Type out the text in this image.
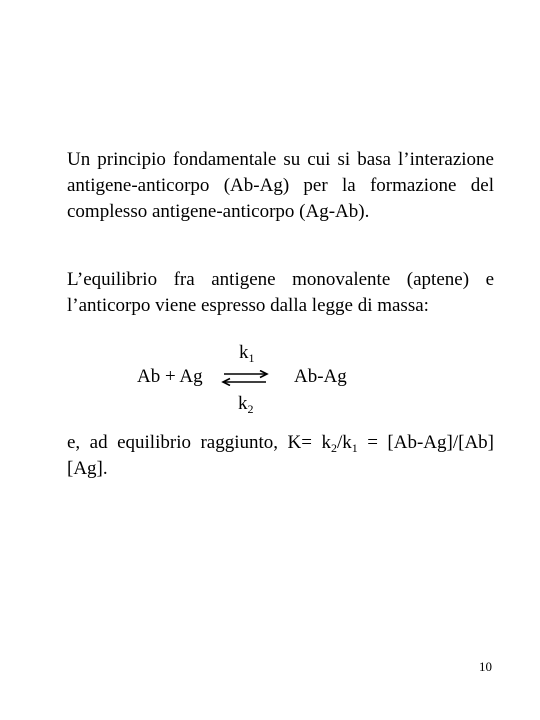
Un principio fondamentale su cui si basa l’interazione antigene-anticorpo (Ab-Ag) per la formazione del complesso antigene-anticorpo (Ag-Ab).

L’equilibrio fra antigene monovalente (aptene) e l’anticorpo viene espresso dalla legge di massa:

Ab + Ag
$k_1$
⇌ Ab-Ag
$k_2$

e, ad equilibrio raggiunto, $K= k_2/k_1 = [Ab-Ag]/[Ab][Ag]$.

10
